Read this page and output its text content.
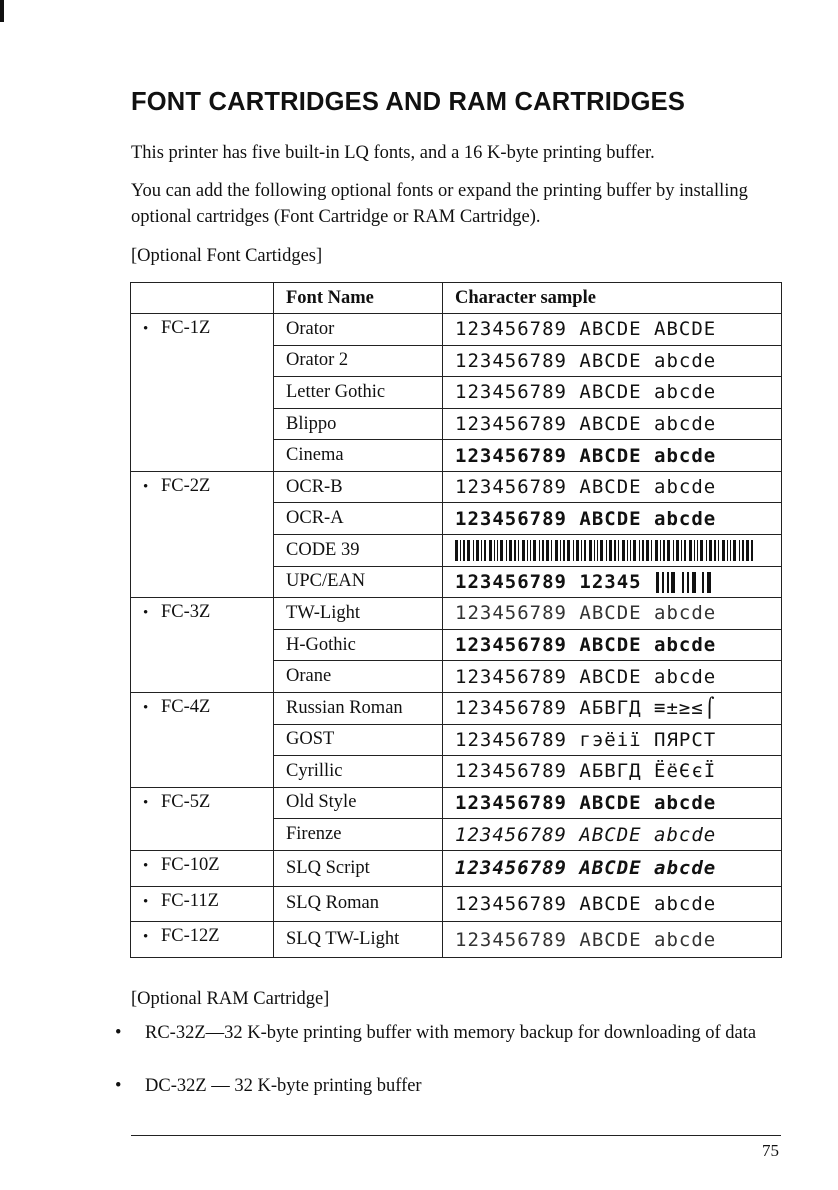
FONT CARTRIDGES AND RAM CARTRIDGES

This printer has five built-in LQ fonts, and a 16 K-byte printing buffer.

You can add the following optional fonts or expand the printing buffer by installing optional cartridges (Font Cartridge or RAM Cartridge).

[Optional Font Cartidges]

	Font Name	Character sample
• FC-1Z	Orator	123456789 ABCDE ABCDE
	Orator 2	123456789 ABCDE abcde
	Letter Gothic	123456789 ABCDE abcde
	Blippo	123456789 ABCDE abcde
	Cinema	123456789 ABCDE abcde
• FC-2Z	OCR-B	123456789 ABCDE abcde
	OCR-A	123456789 ABCDE abcde
	CODE 39	
	UPC/EAN	123456789 12345
• FC-3Z	TW-Light	123456789 ABCDE abcde
	H-Gothic	123456789 ABCDE abcde
	Orane	123456789 ABCDE abcde
• FC-4Z	Russian Roman	123456789 АБВГД ≡±≥≤⌠
	GOST	123456789 гэëiï ПЯРСТ
	Cyrillic	123456789 АБВГД ЁёЄєЇ
• FC-5Z	Old Style	123456789 ABCDE abcde
	Firenze	123456789 ABCDE abcde
• FC-10Z	SLQ Script	123456789 ABCDE abcde
• FC-11Z	SLQ Roman	123456789 ABCDE abcde
• FC-12Z	SLQ TW-Light	123456789 ABCDE abcde

[Optional RAM Cartridge]

• RC-32Z—32 K-byte printing buffer with memory backup for downloading of data

• DC-32Z — 32 K-byte printing buffer

75
